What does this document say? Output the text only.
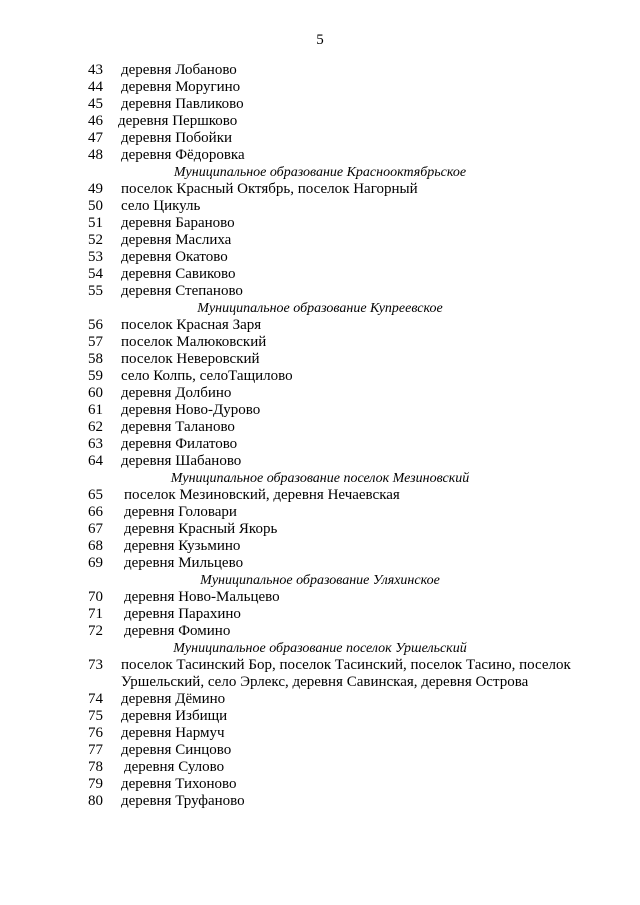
5
43	деревня Лобаново
44	деревня Моругино
45	деревня Павликово
46	деревня Першково
47	деревня Побойки
48	деревня Фёдоровка
Муниципальное образование Краснооктябрьское
49	поселок Красный Октябрь, поселок Нагорный
50	село Цикуль
51	деревня Бараново
52	деревня Маслиха
53	деревня Окатово
54	деревня Савиково
55	деревня Степаново
Муниципальное образование Купреевское
56	поселок Красная Заря
57	поселок Малюковский
58	поселок Неверовский
59	село Колпь, селоТащилово
60	деревня Долбино
61	деревня Ново-Дурово
62	деревня Таланово
63	деревня Филатово
64	деревня Шабаново
Муниципальное образование поселок Мезиновский
65	поселок Мезиновский, деревня Нечаевская
66	деревня Головари
67	деревня Красный Якорь
68	деревня Кузьмино
69	деревня Мильцево
Муниципальное образование Уляхинское
70	деревня Ново-Мальцево
71	деревня Парахино
72	деревня Фомино
Муниципальное образование поселок Уршельский
73	поселок Тасинский Бор, поселок Тасинский, поселок Тасино, поселок Уршельский, село Эрлекс, деревня Савинская, деревня Острова
74	деревня Дёмино
75	деревня Избищи
76	деревня Нармуч
77	деревня Синцово
78	деревня Сулово
79	деревня Тихоново
80	деревня Труфаново
